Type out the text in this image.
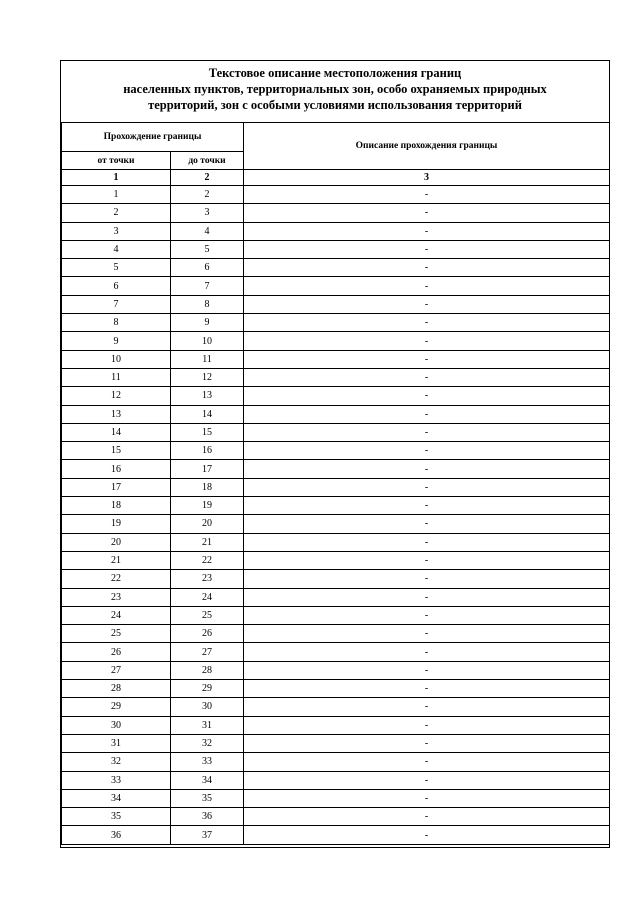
Текстовое описание местоположения границ
населенных пунктов, территориальных зон, особо охраняемых природных
территорий, зон с особыми условиями использования территорий
Прохождение границы		Описание прохождения границы
от точки	до точки	
1	2	3
1	2	-
2	3	-
3	4	-
4	5	-
5	6	-
6	7	-
7	8	-
8	9	-
9	10	-
10	11	-
11	12	-
12	13	-
13	14	-
14	15	-
15	16	-
16	17	-
17	18	-
18	19	-
19	20	-
20	21	-
21	22	-
22	23	-
23	24	-
24	25	-
25	26	-
26	27	-
27	28	-
28	29	-
29	30	-
30	31	-
31	32	-
32	33	-
33	34	-
34	35	-
35	36	-
36	37	-
